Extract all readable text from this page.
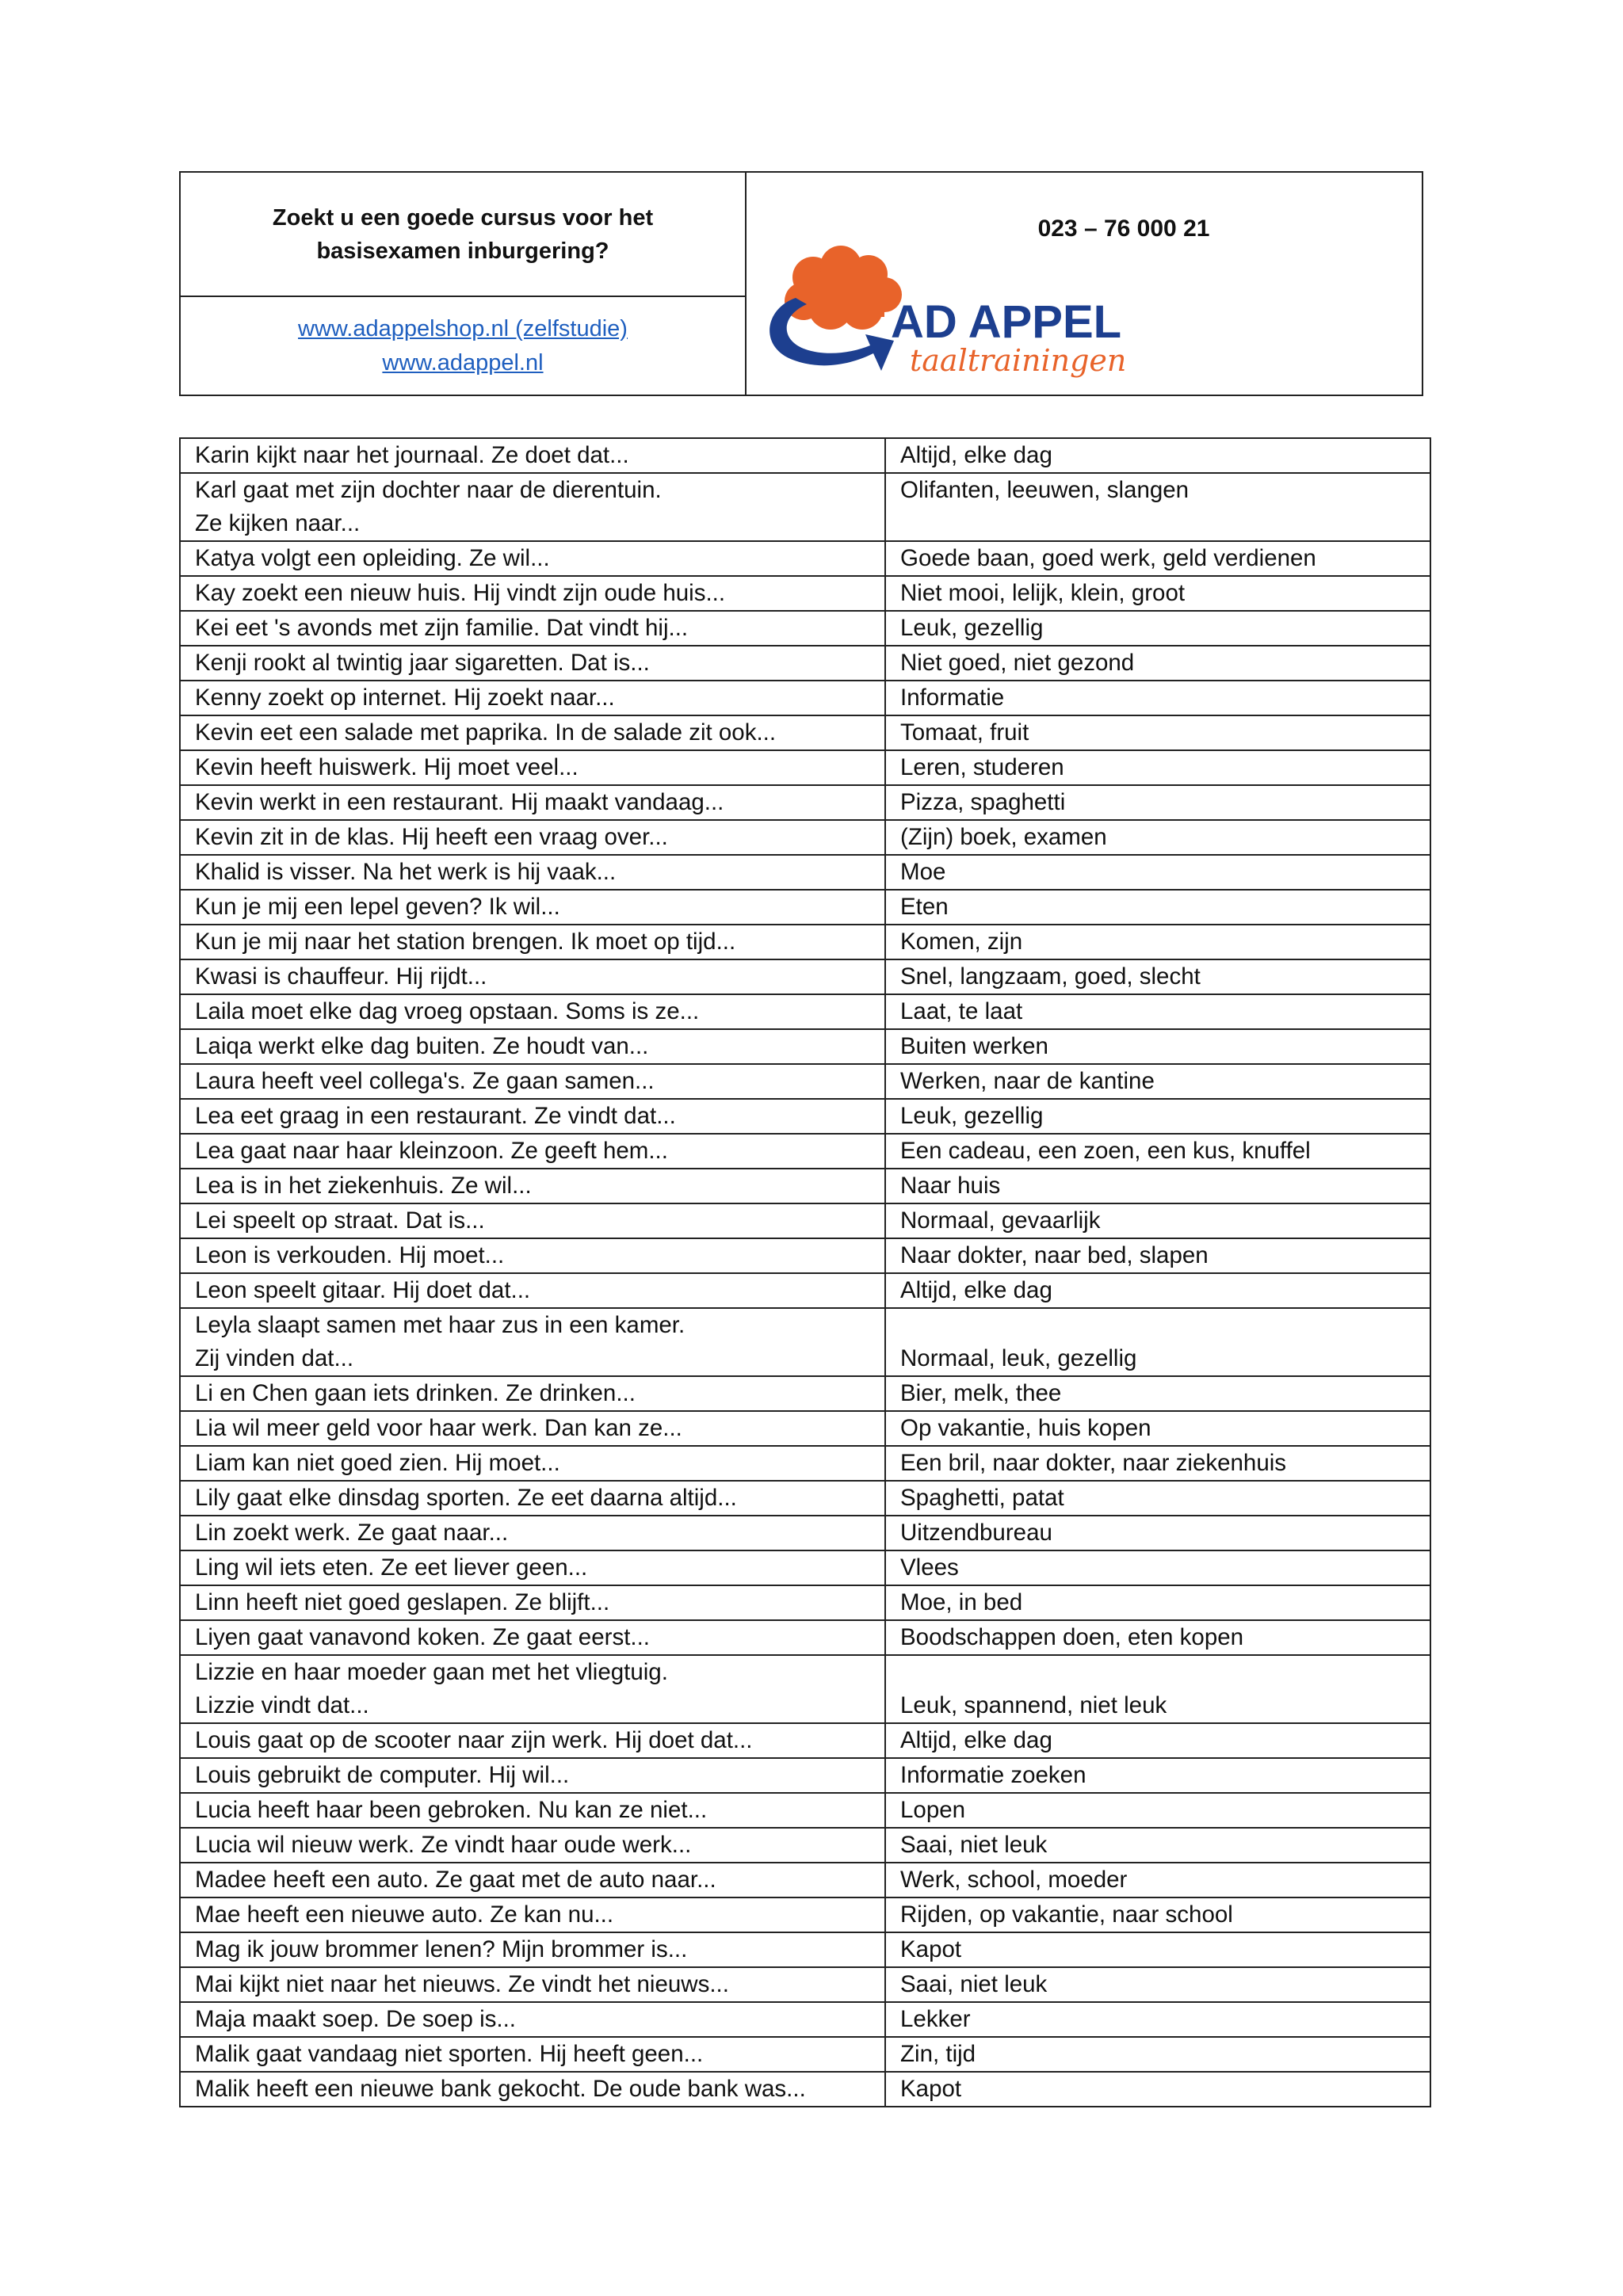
Zoekt u een goede cursus voor het
basisexamen inburgering?
www.adappelshop.nl (zelfstudie)
www.adappel.nl
023 – 76 000 21
AD APPEL
taaltrainingen
Karin kijkt naar het journaal. Ze doet dat...	Altijd, elke dag

Karl gaat met zijn dochter naar de dierentuin.
Ze kijken naar...	Olifanten, leeuwen, slangen

Katya volgt een opleiding. Ze wil...	Goede baan, goed werk, geld verdienen

Kay zoekt een nieuw huis. Hij vindt zijn oude huis...	Niet mooi, lelijk, klein, groot

Kei eet 's avonds met zijn familie. Dat vindt hij...	Leuk, gezellig

Kenji rookt al twintig jaar sigaretten. Dat is...	Niet goed, niet gezond

Kenny zoekt op internet. Hij zoekt naar...	Informatie

Kevin eet een salade met paprika. In de salade zit ook...	Tomaat, fruit

Kevin heeft huiswerk. Hij moet veel...	Leren, studeren

Kevin werkt in een restaurant. Hij maakt vandaag...	Pizza, spaghetti

Kevin zit in de klas. Hij heeft een vraag over...	(Zijn) boek, examen

Khalid is visser. Na het werk is hij vaak...	Moe

Kun je mij een lepel geven? Ik wil...	Eten

Kun je mij naar het station brengen. Ik moet op tijd...	Komen, zijn

Kwasi is chauffeur. Hij rijdt...	Snel, langzaam, goed, slecht

Laila moet elke dag vroeg opstaan. Soms is ze...	Laat, te laat

Laiqa werkt elke dag buiten. Ze houdt van...	Buiten werken

Laura heeft veel collega's. Ze gaan samen...	Werken, naar de kantine

Lea eet graag in een restaurant. Ze vindt dat...	Leuk, gezellig

Lea gaat naar haar kleinzoon. Ze geeft hem...	Een cadeau, een zoen, een kus, knuffel

Lea is in het ziekenhuis. Ze wil...	Naar huis

Lei speelt op straat. Dat is...	Normaal, gevaarlijk

Leon is verkouden. Hij moet...	Naar dokter, naar bed, slapen

Leon speelt gitaar. Hij doet dat...	Altijd, elke dag

Leyla slaapt samen met haar zus in een kamer.
Zij vinden dat...	Normaal, leuk, gezellig

Li en Chen gaan iets drinken. Ze drinken...	Bier, melk, thee

Lia wil meer geld voor haar werk. Dan kan ze...	Op vakantie, huis kopen

Liam kan niet goed zien. Hij moet...	Een bril, naar dokter, naar ziekenhuis

Lily gaat elke dinsdag sporten. Ze eet daarna altijd...	Spaghetti, patat

Lin zoekt werk. Ze gaat naar...	Uitzendbureau

Ling wil iets eten. Ze eet liever geen...	Vlees

Linn heeft niet goed geslapen. Ze blijft...	Moe, in bed

Liyen gaat vanavond koken. Ze gaat eerst...	Boodschappen doen, eten kopen

Lizzie en haar moeder gaan met het vliegtuig.
Lizzie vindt dat...	Leuk, spannend, niet leuk

Louis gaat op de scooter naar zijn werk. Hij doet dat...	Altijd, elke dag

Louis gebruikt de computer. Hij wil...	Informatie zoeken

Lucia heeft haar been gebroken. Nu kan ze niet...	Lopen

Lucia wil nieuw werk. Ze vindt haar oude werk...	Saai, niet leuk

Madee heeft een auto. Ze gaat met de auto naar...	Werk, school, moeder

Mae heeft een nieuwe auto. Ze kan nu...	Rijden, op vakantie, naar school

Mag ik jouw brommer lenen? Mijn brommer is...	Kapot

Mai kijkt niet naar het nieuws. Ze vindt het nieuws...	Saai, niet leuk

Maja maakt soep. De soep is...	Lekker

Malik gaat vandaag niet sporten. Hij heeft geen...	Zin, tijd

Malik heeft een nieuwe bank gekocht. De oude bank was...	Kapot
